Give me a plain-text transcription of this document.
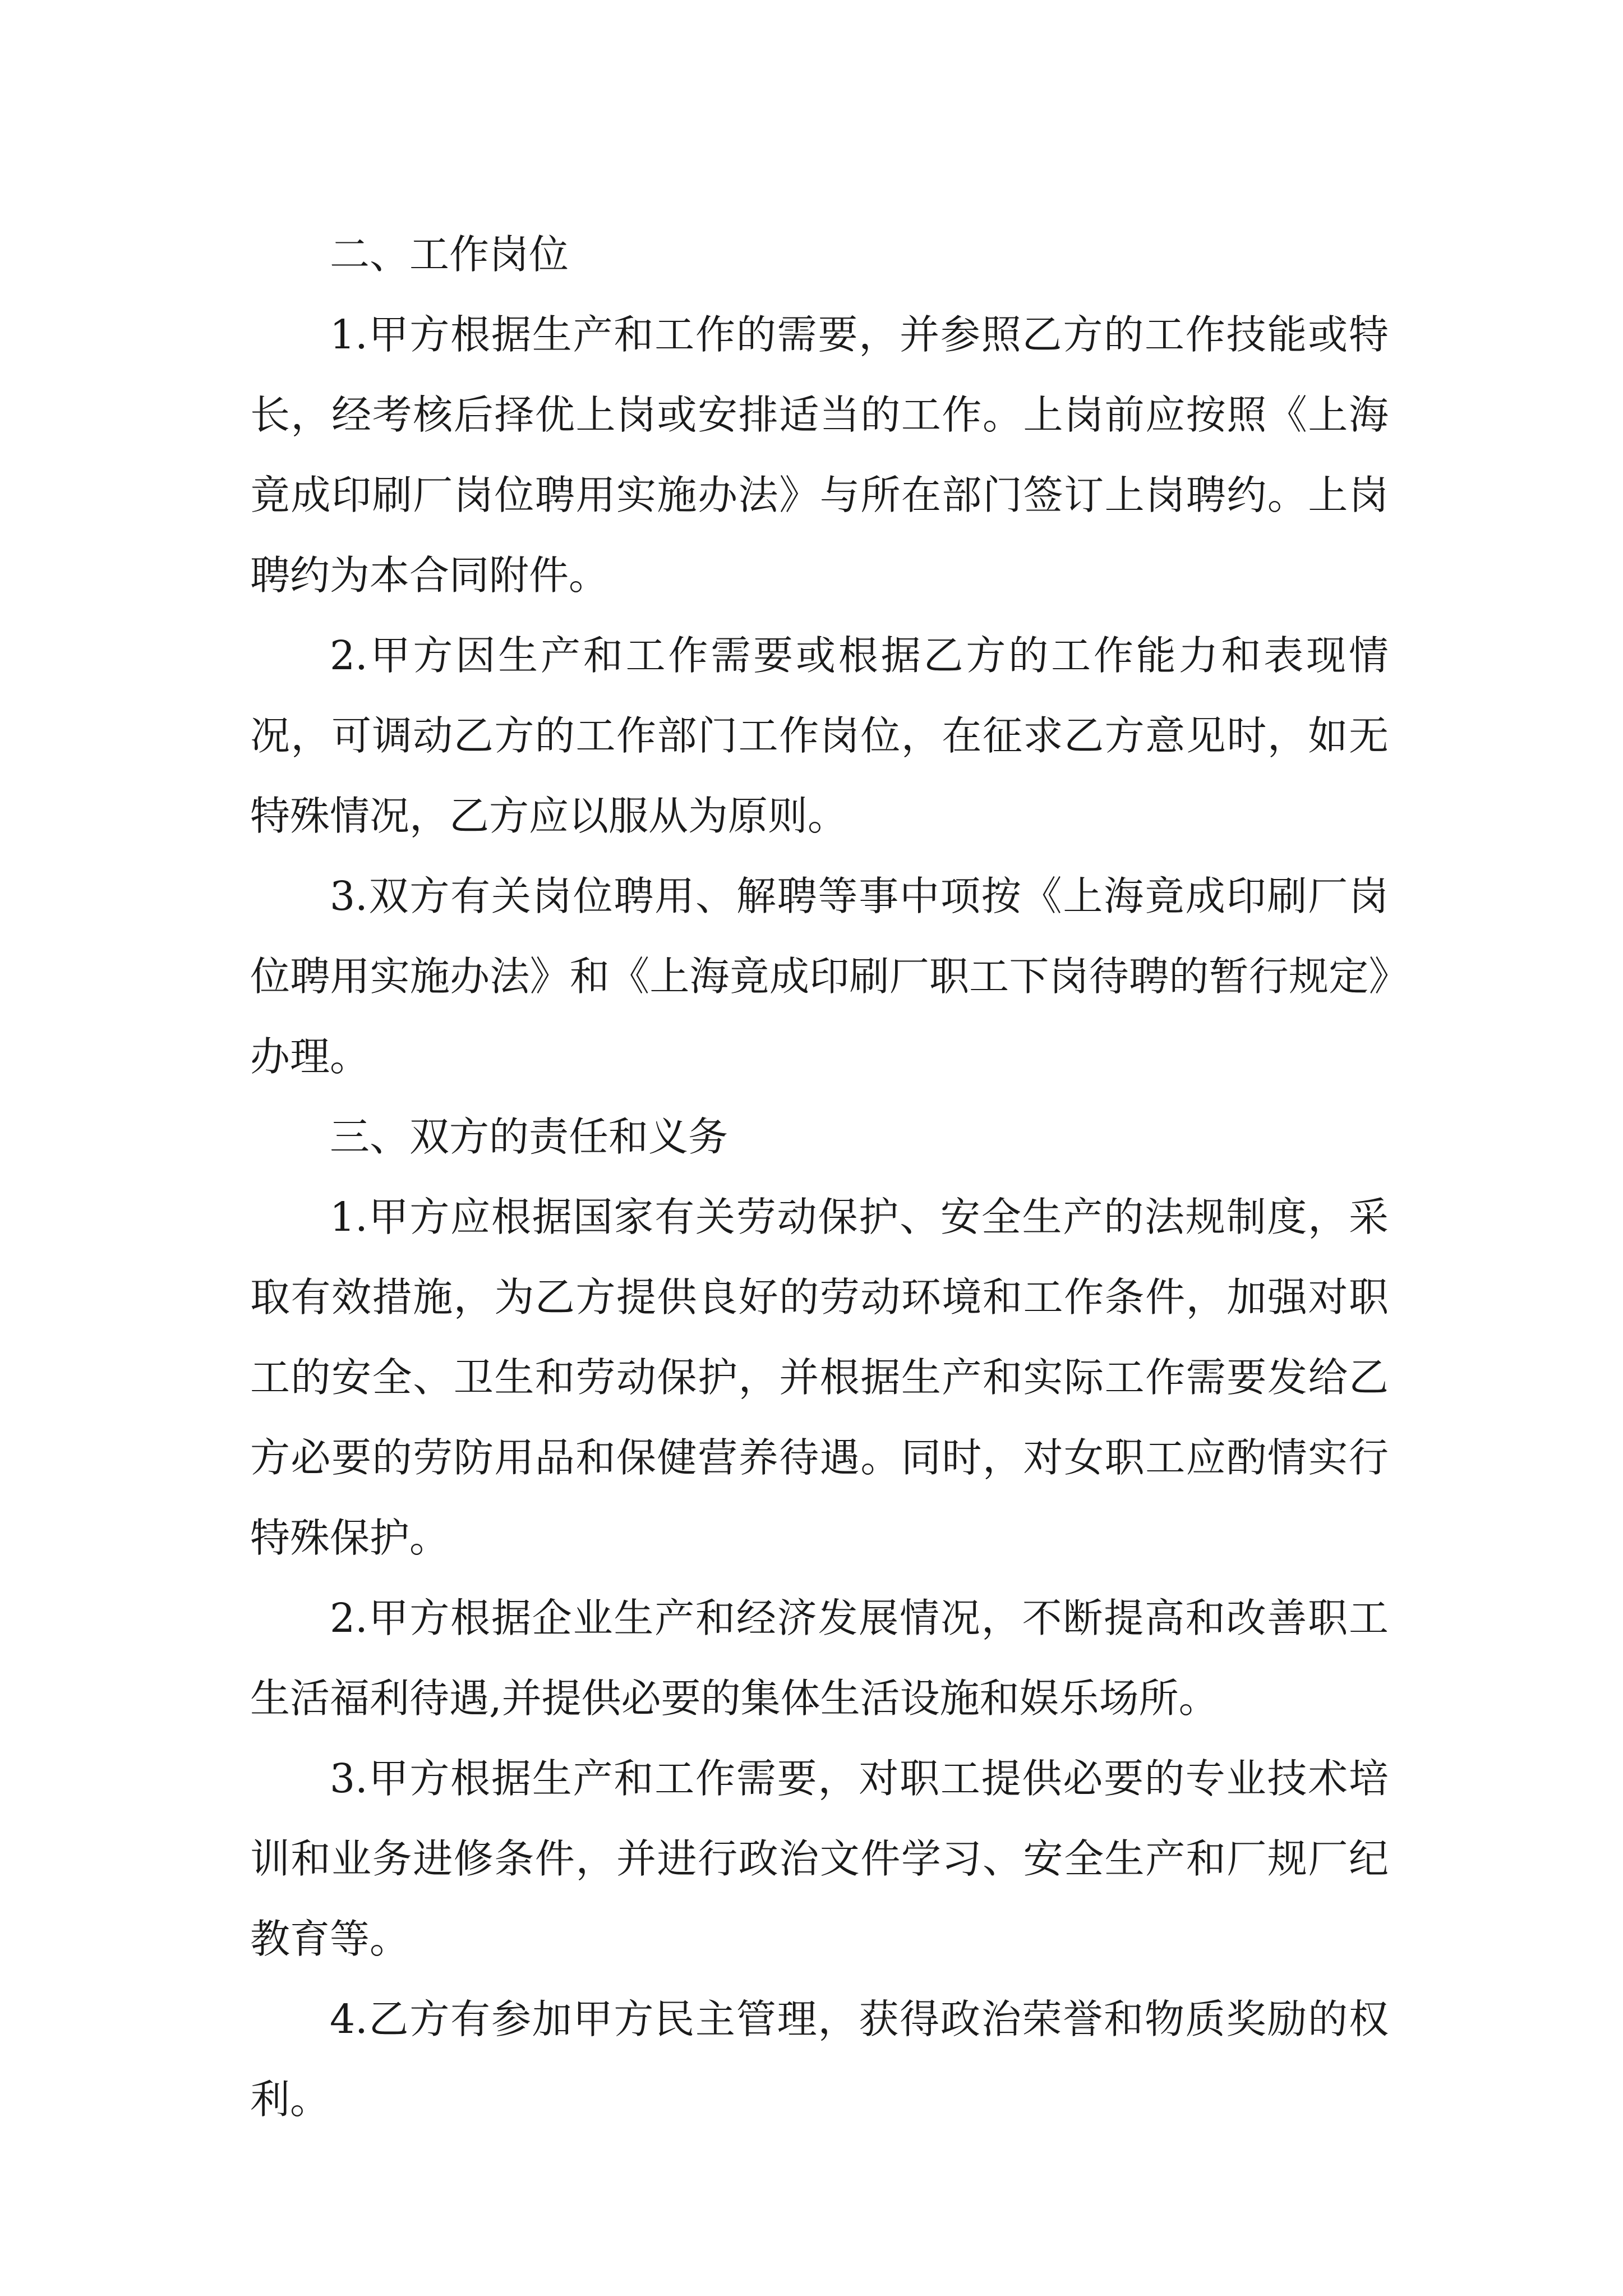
二、工作岗位

1.甲方根据生产和工作的需要，并参照乙方的工作技能或特长，经考核后择优上岗或安排适当的工作。上岗前应按照《上海竟成印刷厂岗位聘用实施办法》与所在部门签订上岗聘约。上岗聘约为本合同附件。

2.甲方因生产和工作需要或根据乙方的工作能力和表现情况，可调动乙方的工作部门工作岗位，在征求乙方意见时，如无特殊情况，乙方应以服从为原则。

3.双方有关岗位聘用、解聘等事中项按《上海竟成印刷厂岗位聘用实施办法》和《上海竟成印刷厂职工下岗待聘的暂行规定》办理。

三、双方的责任和义务

1.甲方应根据国家有关劳动保护、安全生产的法规制度，采取有效措施，为乙方提供良好的劳动环境和工作条件，加强对职工的安全、卫生和劳动保护，并根据生产和实际工作需要发给乙方必要的劳防用品和保健营养待遇。同时，对女职工应酌情实行特殊保护。

2.甲方根据企业生产和经济发展情况，不断提高和改善职工生活福利待遇,并提供必要的集体生活设施和娱乐场所。

3.甲方根据生产和工作需要，对职工提供必要的专业技术培训和业务进修条件，并进行政治文件学习、安全生产和厂规厂纪教育等。

4.乙方有参加甲方民主管理，获得政治荣誉和物质奖励的权利。
